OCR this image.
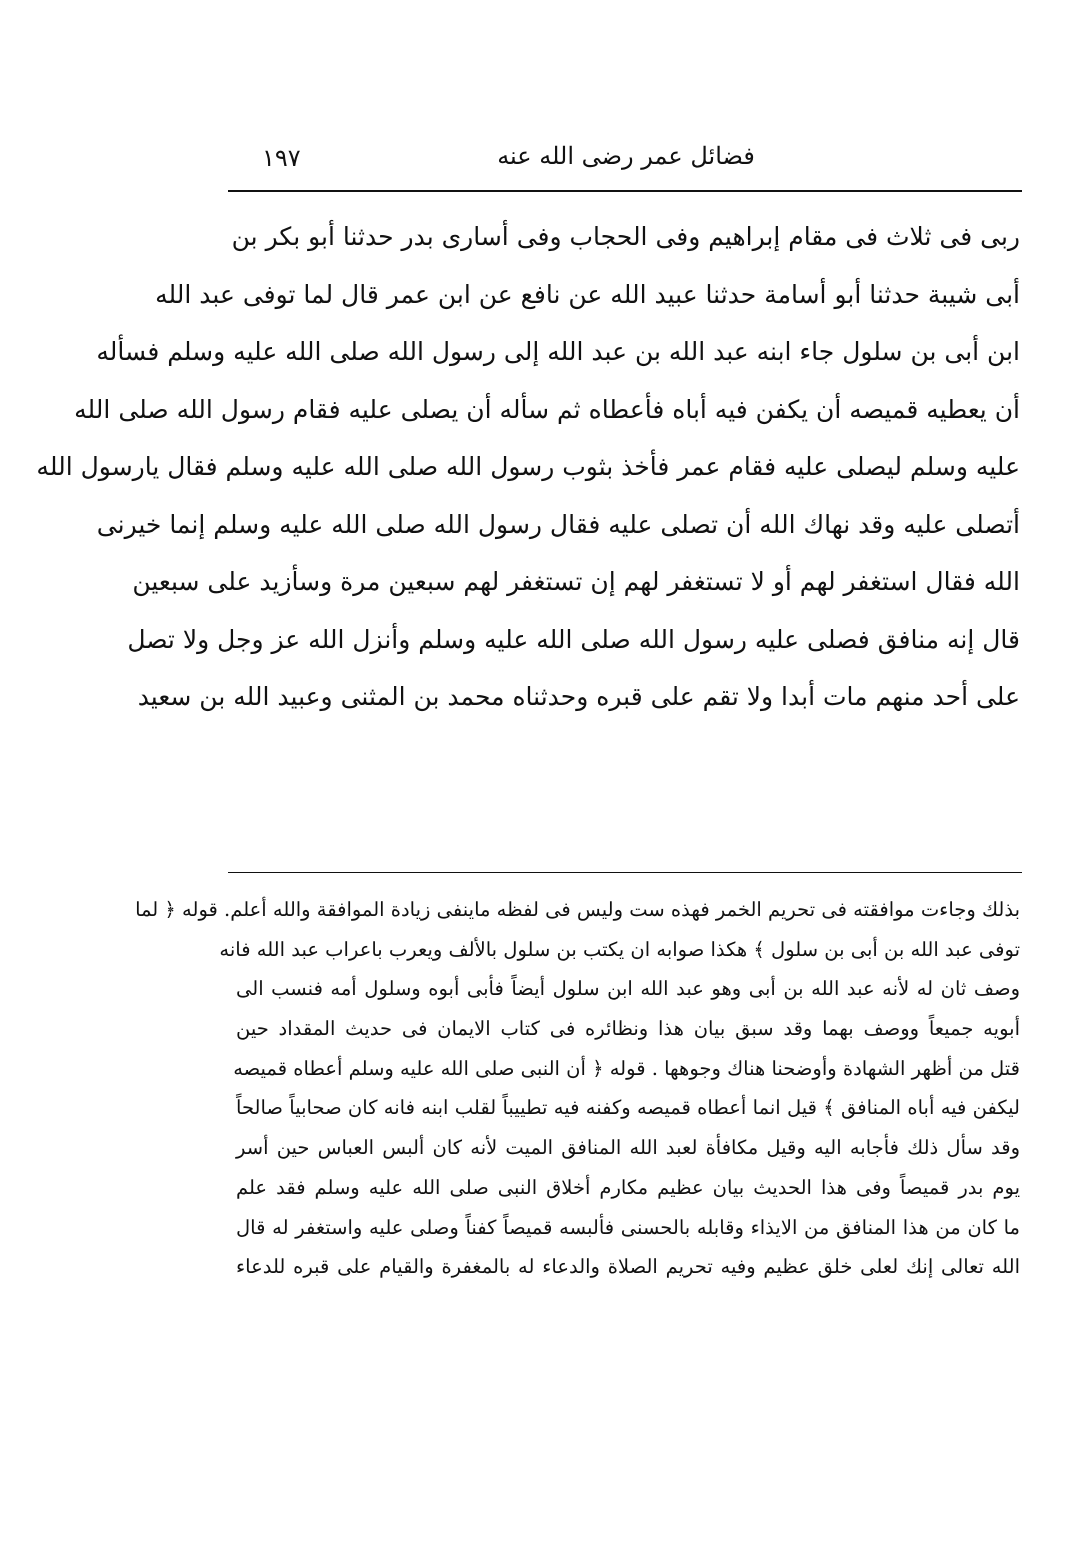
فضائل عمر رضى الله عنه
١٩٧
ربى فى ثلاث فى مقام إبراهيم وفى الحجاب وفى أسارى بدر حدثنا أبو بكر بن
أبى شيبة حدثنا أبو أسامة حدثنا عبيد الله عن نافع عن ابن عمر قال لما توفى عبد الله
ابن أبى بن سلول جاء ابنه عبد الله بن عبد الله إلى رسول الله صلى الله عليه وسلم فسأله
أن يعطيه قميصه أن يكفن فيه أباه فأعطاه ثم سأله أن يصلى عليه فقام رسول الله صلى الله
عليه وسلم ليصلى عليه فقام عمر فأخذ بثوب رسول الله صلى الله عليه وسلم فقال يارسول الله
أتصلى عليه وقد نهاك الله أن تصلى عليه فقال رسول الله صلى الله عليه وسلم إنما خيرنى
الله فقال استغفر لهم أو لا تستغفر لهم إن تستغفر لهم سبعين مرة وسأزيد على سبعين
قال إنه منافق فصلى عليه رسول الله صلى الله عليه وسلم وأنزل الله عز وجل ولا تصل
على أحد منهم مات أبدا ولا تقم على قبره وحدثناه محمد بن المثنى وعبيد الله بن سعيد
بذلك وجاءت موافقته فى تحريم الخمر فهذه ست وليس فى لفظه ماينفى زيادة الموافقة والله أعلم. قوله ﴿ لما
توفى عبد الله بن أبى بن سلول ﴾ هكذا صوابه ان يكتب بن سلول بالألف ويعرب باعراب عبد الله فانه
وصف ثان له لأنه عبد الله بن أبى وهو عبد الله ابن سلول أيضاً فأبى أبوه وسلول أمه فنسب الى
أبويه جميعاً ووصف بهما وقد سبق بيان هذا ونظائره فى كتاب الايمان فى حديث المقداد حين
قتل من أظهر الشهادة وأوضحنا هناك وجوهها . قوله ﴿ أن النبى صلى الله عليه وسلم أعطاه قميصه
ليكفن فيه أباه المنافق ﴾ قيل انما أعطاه قميصه وكفنه فيه تطييباً لقلب ابنه فانه كان صحابياً صالحاً
وقد سأل ذلك فأجابه اليه وقيل مكافأة لعبد الله المنافق الميت لأنه كان ألبس العباس حين أسر
يوم بدر قميصاً وفى هذا الحديث بيان عظيم مكارم أخلاق النبى صلى الله عليه وسلم فقد علم
ما كان من هذا المنافق من الايذاء وقابله بالحسنى فألبسه قميصاً كفناً وصلى عليه واستغفر له قال
الله تعالى إنك لعلى خلق عظيم وفيه تحريم الصلاة والدعاء له بالمغفرة والقيام على قبره للدعاء
